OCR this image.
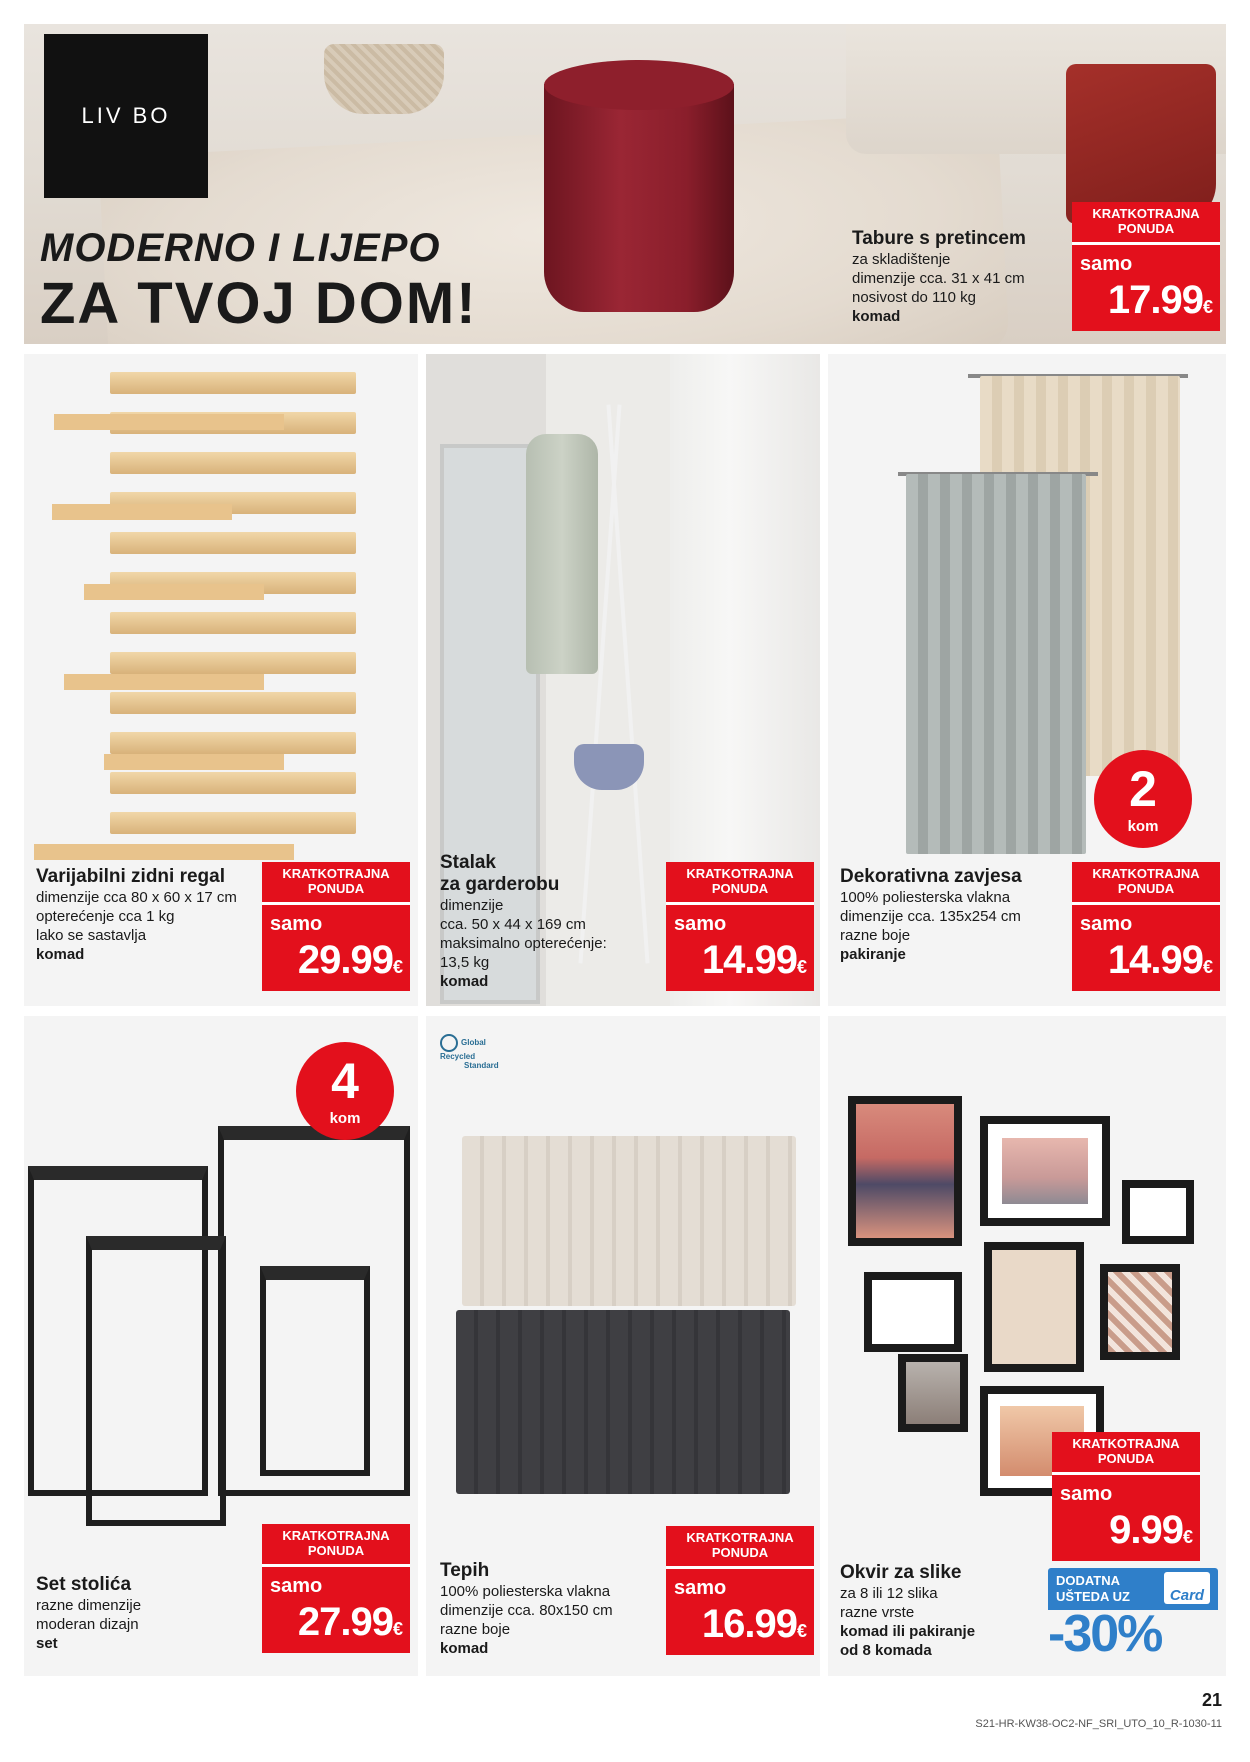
LIV BO
MODERNO I LIJEPO
ZA TVOJ DOM!
Tabure s pretincem
za skladištenje
dimenzije cca. 31 x 41 cm
nosivost do 110 kg
komad
KRATKOTRAJNA
PONUDA
samo
17.99€
Varijabilni zidni regal
dimenzije cca 80 x 60 x 17 cm
opterećenje cca 1 kg
lako se sastavlja
komad
KRATKOTRAJNA
PONUDA
samo
29.99€
Stalak
za garderobu
dimenzije
cca. 50 x 44 x 169 cm
maksimalno opterećenje:
13,5 kg
komad
KRATKOTRAJNA
PONUDA
samo
14.99€
2
kom
Dekorativna zavjesa
100% poliesterska vlakna
dimenzije cca. 135x254 cm
razne boje
pakiranje
KRATKOTRAJNA
PONUDA
samo
14.99€
4
kom
Set stolića
razne dimenzije
moderan dizajn
set
KRATKOTRAJNA
PONUDA
samo
27.99€
Global Recycled
Standard
Tepih
100% poliesterska vlakna
dimenzije cca. 80x150 cm
razne boje
komad
KRATKOTRAJNA
PONUDA
samo
16.99€
Okvir za slike
za 8 ili 12 slika
razne vrste
komad ili pakiranje
od 8 komada
KRATKOTRAJNA
PONUDA
samo
9.99€
DODATNA
UŠTEDA UZ	Card
-30%
21
S21-HR-KW38-OC2-NF_SRI_UTO_10_R-1030-11
